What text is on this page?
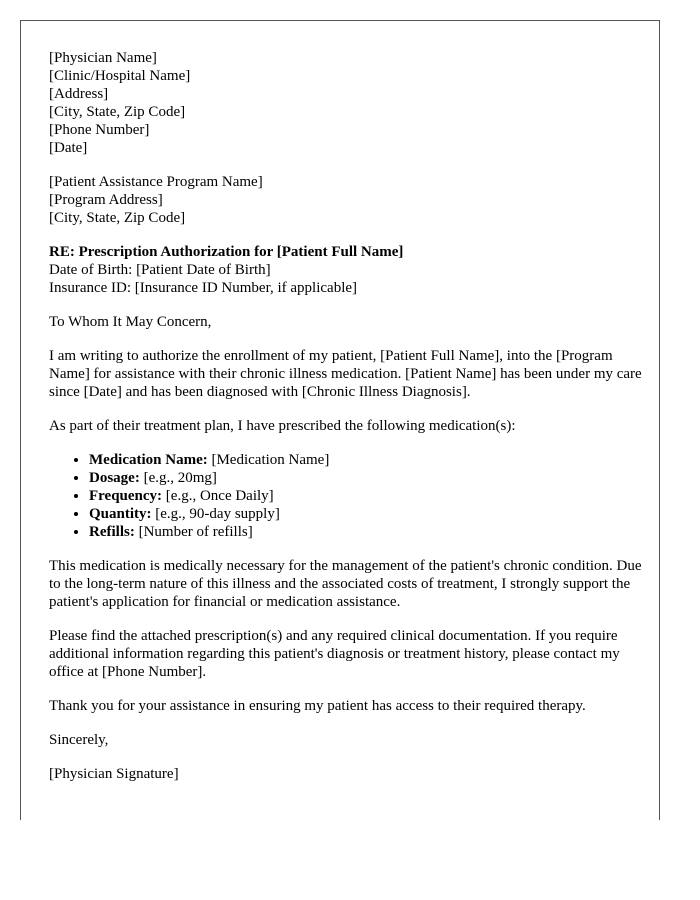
[Physician Name]
[Clinic/Hospital Name]
[Address]
[City, State, Zip Code]
[Phone Number]
[Date]
[Patient Assistance Program Name]
[Program Address]
[City, State, Zip Code]
RE: Prescription Authorization for [Patient Full Name]
Date of Birth: [Patient Date of Birth]
Insurance ID: [Insurance ID Number, if applicable]

To Whom It May Concern,

I am writing to authorize the enrollment of my patient, [Patient Full Name], into the [Program Name] for assistance with their chronic illness medication. [Patient Name] has been under my care since [Date] and has been diagnosed with [Chronic Illness Diagnosis].

As part of their treatment plan, I have prescribed the following medication(s):

• Medication Name: [Medication Name]
• Dosage: [e.g., 20mg]
• Frequency: [e.g., Once Daily]
• Quantity: [e.g., 90-day supply]
• Refills: [Number of refills]

This medication is medically necessary for the management of the patient's chronic condition. Due to the long-term nature of this illness and the associated costs of treatment, I strongly support the patient's application for financial or medication assistance.

Please find the attached prescription(s) and any required clinical documentation. If you require additional information regarding this patient's diagnosis or treatment history, please contact my office at [Phone Number].

Thank you for your assistance in ensuring my patient has access to their required therapy.

Sincerely,

[Physician Signature]
